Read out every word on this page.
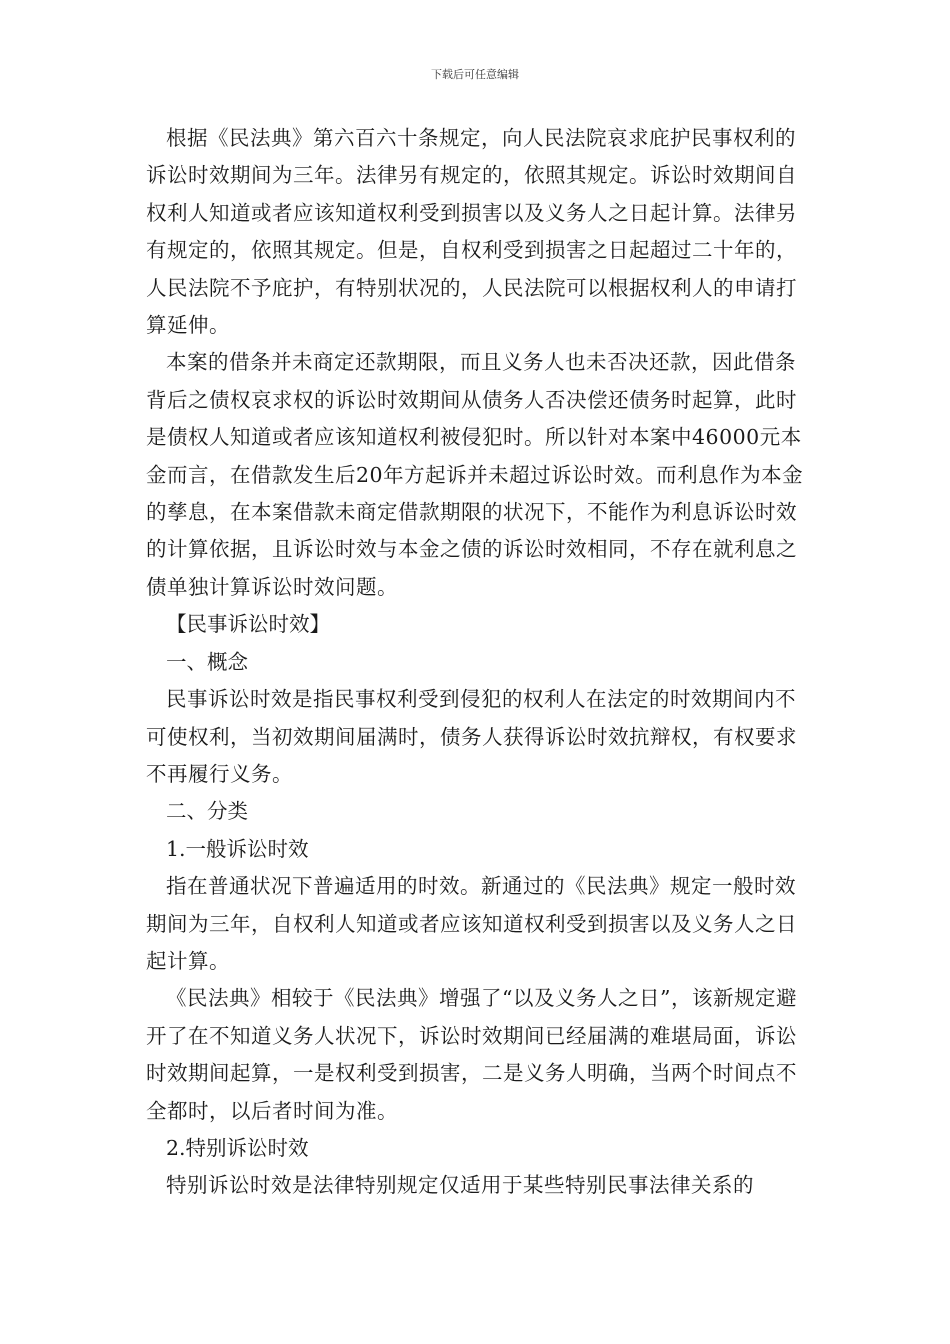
下载后可任意编辑

根据《民法典》第六百六十条规定，向人民法院哀求庇护民事权利的诉讼时效期间为三年。法律另有规定的，依照其规定。诉讼时效期间自权利人知道或者应该知道权利受到损害以及义务人之日起计算。法律另有规定的，依照其规定。但是，自权利受到损害之日起超过二十年的，人民法院不予庇护，有特别状况的，人民法院可以根据权利人的申请打算延伸。

本案的借条并未商定还款期限，而且义务人也未否决还款，因此借条背后之债权哀求权的诉讼时效期间从债务人否决偿还债务时起算，此时是债权人知道或者应该知道权利被侵犯时。所以针对本案中46000元本金而言，在借款发生后20年方起诉并未超过诉讼时效。而利息作为本金的孳息，在本案借款未商定借款期限的状况下，不能作为利息诉讼时效的计算依据，且诉讼时效与本金之债的诉讼时效相同，不存在就利息之债单独计算诉讼时效问题。

【民事诉讼时效】

一、概念

民事诉讼时效是指民事权利受到侵犯的权利人在法定的时效期间内不可使权利，当初效期间届满时，债务人获得诉讼时效抗辩权，有权要求不再履行义务。

二、分类

1.一般诉讼时效

指在普通状况下普遍适用的时效。新通过的《民法典》规定一般时效期间为三年，自权利人知道或者应该知道权利受到损害以及义务人之日起计算。

《民法典》相较于《民法典》增强了“以及义务人之日”，该新规定避开了在不知道义务人状况下，诉讼时效期间已经届满的难堪局面，诉讼时效期间起算，一是权利受到损害，二是义务人明确，当两个时间点不全都时，以后者时间为准。

2.特别诉讼时效

特别诉讼时效是法律特别规定仅适用于某些特别民事法律关系的
